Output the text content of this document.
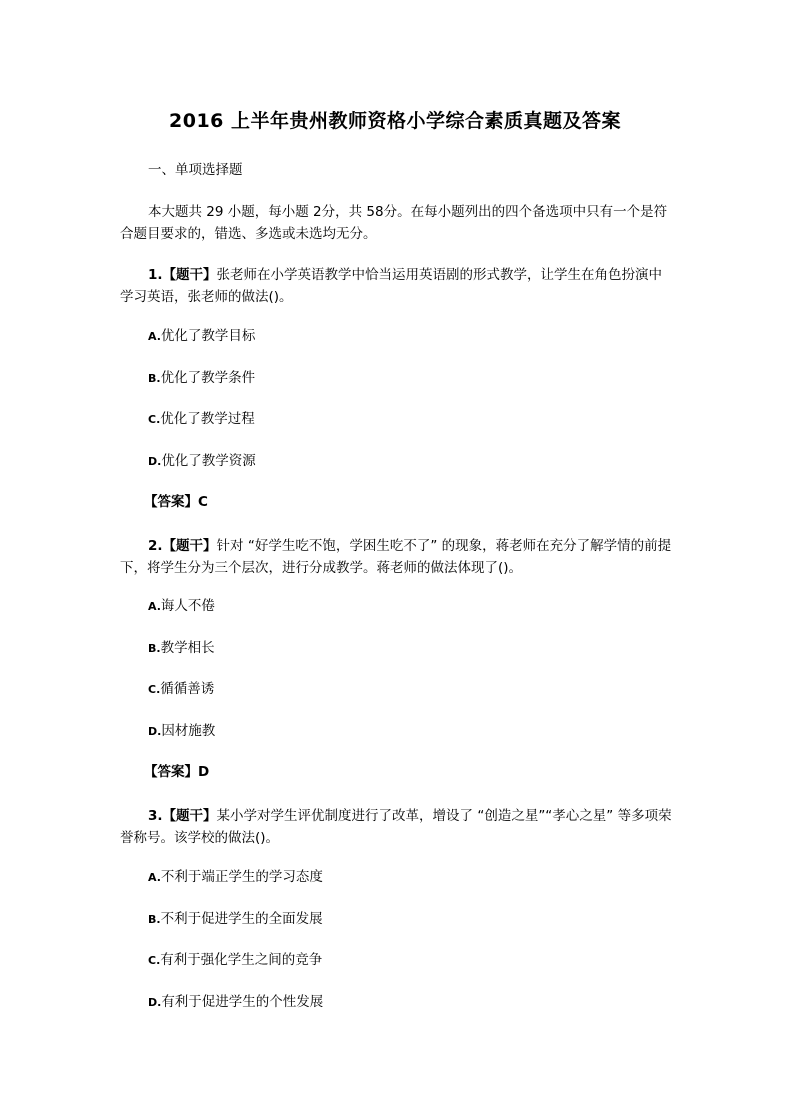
2016 上半年贵州教师资格小学综合素质真题及答案
一、单项选择题
本大题共 29 小题，每小题 2分，共 58分。在每小题列出的四个备选项中只有一个是符合题目要求的，错选、多选或未选均无分。
1.【题干】张老师在小学英语教学中恰当运用英语剧的形式教学，让学生在角色扮演中学习英语，张老师的做法()。
A.优化了教学目标
B.优化了教学条件
C.优化了教学过程
D.优化了教学资源
【答案】C
2.【题干】针对 “好学生吃不饱，学困生吃不了” 的现象，蒋老师在充分了解学情的前提下，将学生分为三个层次，进行分成教学。蒋老师的做法体现了()。
A.诲人不倦
B.教学相长
C.循循善诱
D.因材施教
【答案】D
3.【题干】某小学对学生评优制度进行了改革，增设了 “创造之星”“孝心之星” 等多项荣誉称号。该学校的做法()。
A.不利于端正学生的学习态度
B.不利于促进学生的全面发展
C.有利于强化学生之间的竞争
D.有利于促进学生的个性发展
